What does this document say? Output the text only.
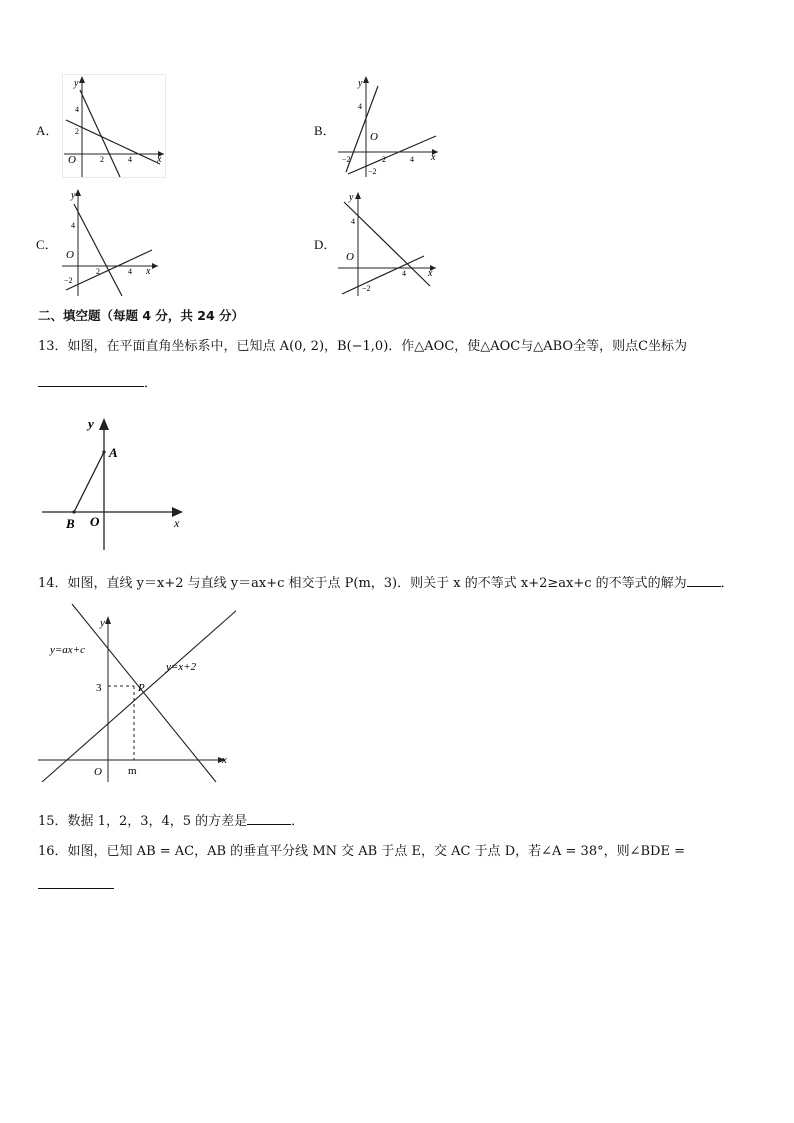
A．
y
x
O
4
2
2	4
B．
y
x
O
4
−2	2	4
−2
C．
y
x
O
4
−2
2	4
D．
y
x
O
4
−2
4
二、填空题（每题 4 分，共 24 分）
13．如图，在平面直角坐标系中，已知点 A(0, 2)，B(−1,0)．作△AOC，使△AOC与△ABO全等，则点C坐标为
．
y
x
A
B O
14．如图，直线 y＝x+2 与直线 y＝ax+c 相交于点 P(m，3)．则关于 x 的不等式 x+2≥ax+c 的不等式的解为	．
y
x
O
y=ax+c
y=x+2
P
3
m
15．数据 1，2，3，4，5 的方差是	．
16．如图，已知 AB = AC，AB 的垂直平分线 MN 交 AB 于点 E，交 AC 于点 D，若∠A = 38°，则∠BDE =
